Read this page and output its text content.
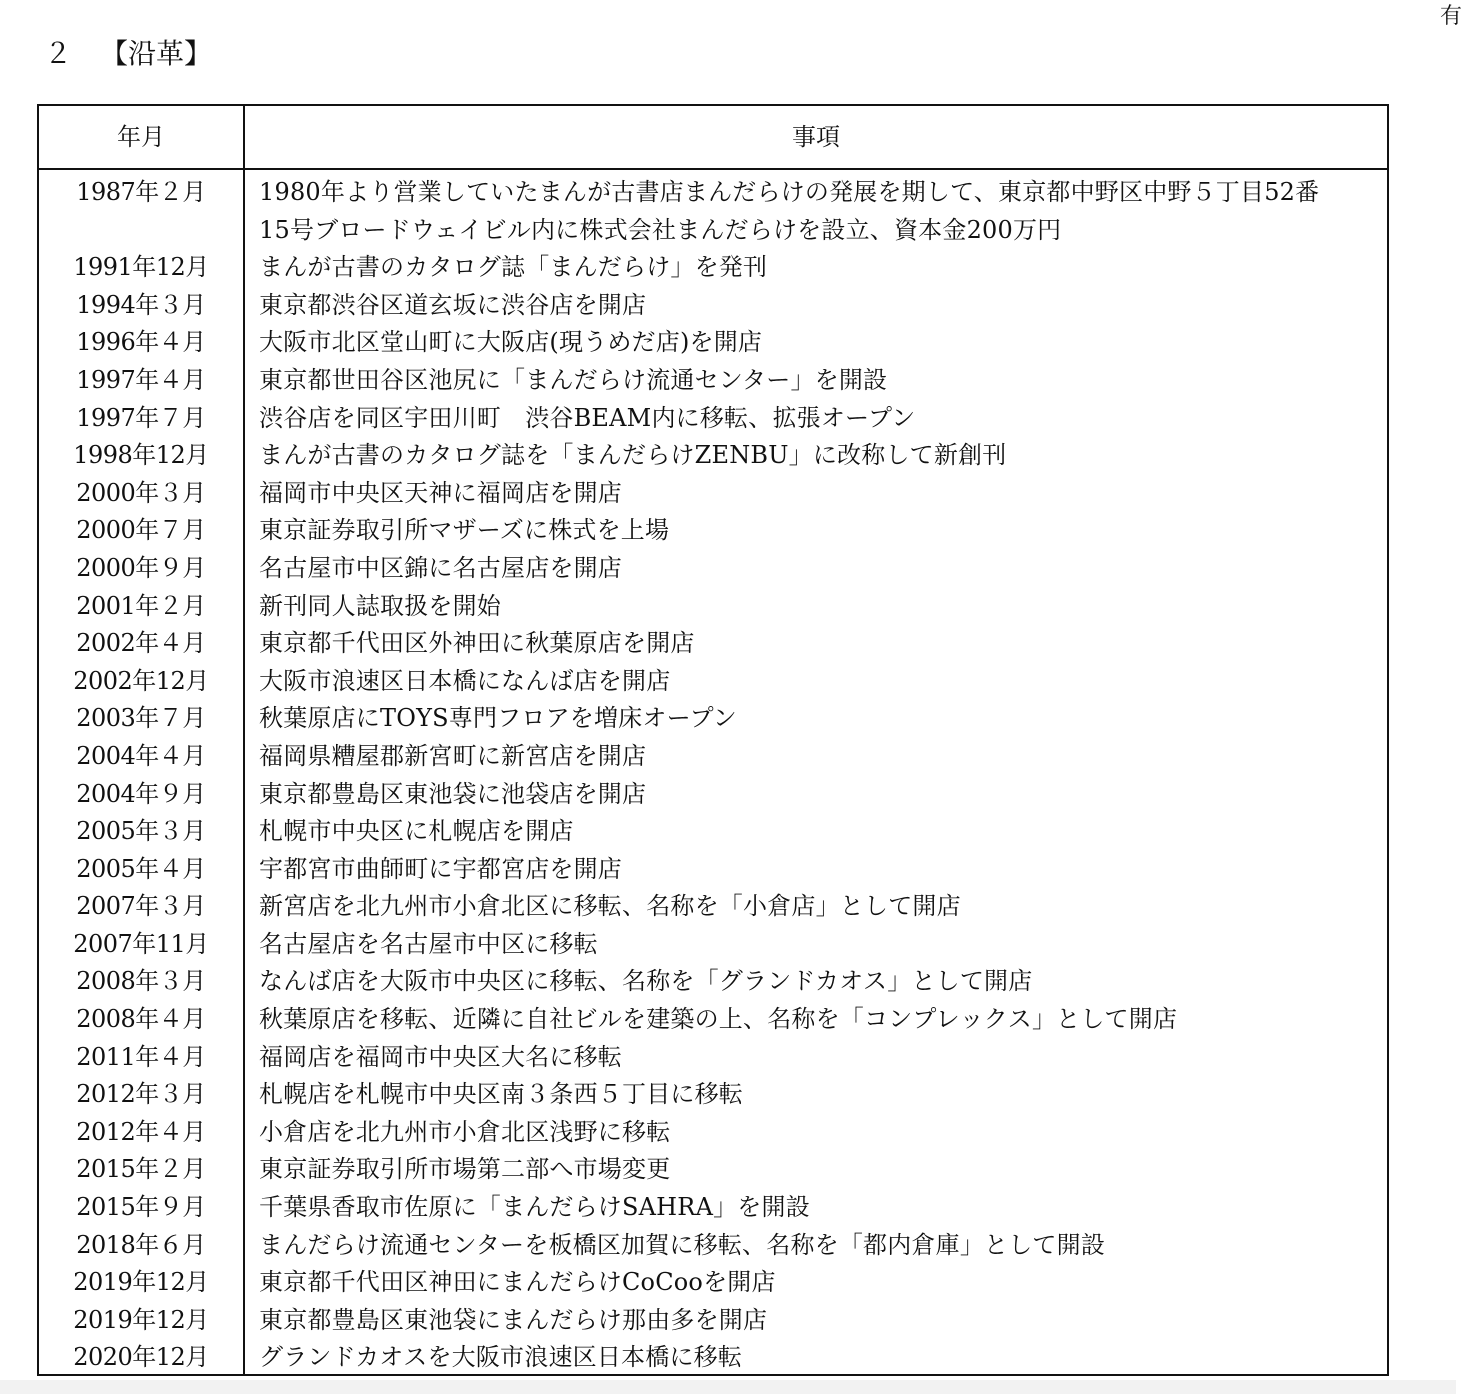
有
２ 【沿革】
年月	事項
1987年２月	1980年より営業していたまんが古書店まんだらけの発展を期して、東京都中野区中野５丁目52番
15号ブロードウェイビル内に株式会社まんだらけを設立、資本金200万円
1991年12月	まんが古書のカタログ誌「まんだらけ」を発刊
1994年３月	東京都渋谷区道玄坂に渋谷店を開店
1996年４月	大阪市北区堂山町に大阪店(現うめだ店)を開店
1997年４月	東京都世田谷区池尻に「まんだらけ流通センター」を開設
1997年７月	渋谷店を同区宇田川町　渋谷BEAM内に移転、拡張オープン
1998年12月	まんが古書のカタログ誌を「まんだらけZENBU」に改称して新創刊
2000年３月	福岡市中央区天神に福岡店を開店
2000年７月	東京証券取引所マザーズに株式を上場
2000年９月	名古屋市中区錦に名古屋店を開店
2001年２月	新刊同人誌取扱を開始
2002年４月	東京都千代田区外神田に秋葉原店を開店
2002年12月	大阪市浪速区日本橋になんば店を開店
2003年７月	秋葉原店にTOYS専門フロアを増床オープン
2004年４月	福岡県糟屋郡新宮町に新宮店を開店
2004年９月	東京都豊島区東池袋に池袋店を開店
2005年３月	札幌市中央区に札幌店を開店
2005年４月	宇都宮市曲師町に宇都宮店を開店
2007年３月	新宮店を北九州市小倉北区に移転、名称を「小倉店」として開店
2007年11月	名古屋店を名古屋市中区に移転
2008年３月	なんば店を大阪市中央区に移転、名称を「グランドカオス」として開店
2008年４月	秋葉原店を移転、近隣に自社ビルを建築の上、名称を「コンプレックス」として開店
2011年４月	福岡店を福岡市中央区大名に移転
2012年３月	札幌店を札幌市中央区南３条西５丁目に移転
2012年４月	小倉店を北九州市小倉北区浅野に移転
2015年２月	東京証券取引所市場第二部へ市場変更
2015年９月	千葉県香取市佐原に「まんだらけSAHRA」を開設
2018年６月	まんだらけ流通センターを板橋区加賀に移転、名称を「都内倉庫」として開設
2019年12月	東京都千代田区神田にまんだらけCoCooを開店
2019年12月	東京都豊島区東池袋にまんだらけ那由多を開店
2020年12月	グランドカオスを大阪市浪速区日本橋に移転
